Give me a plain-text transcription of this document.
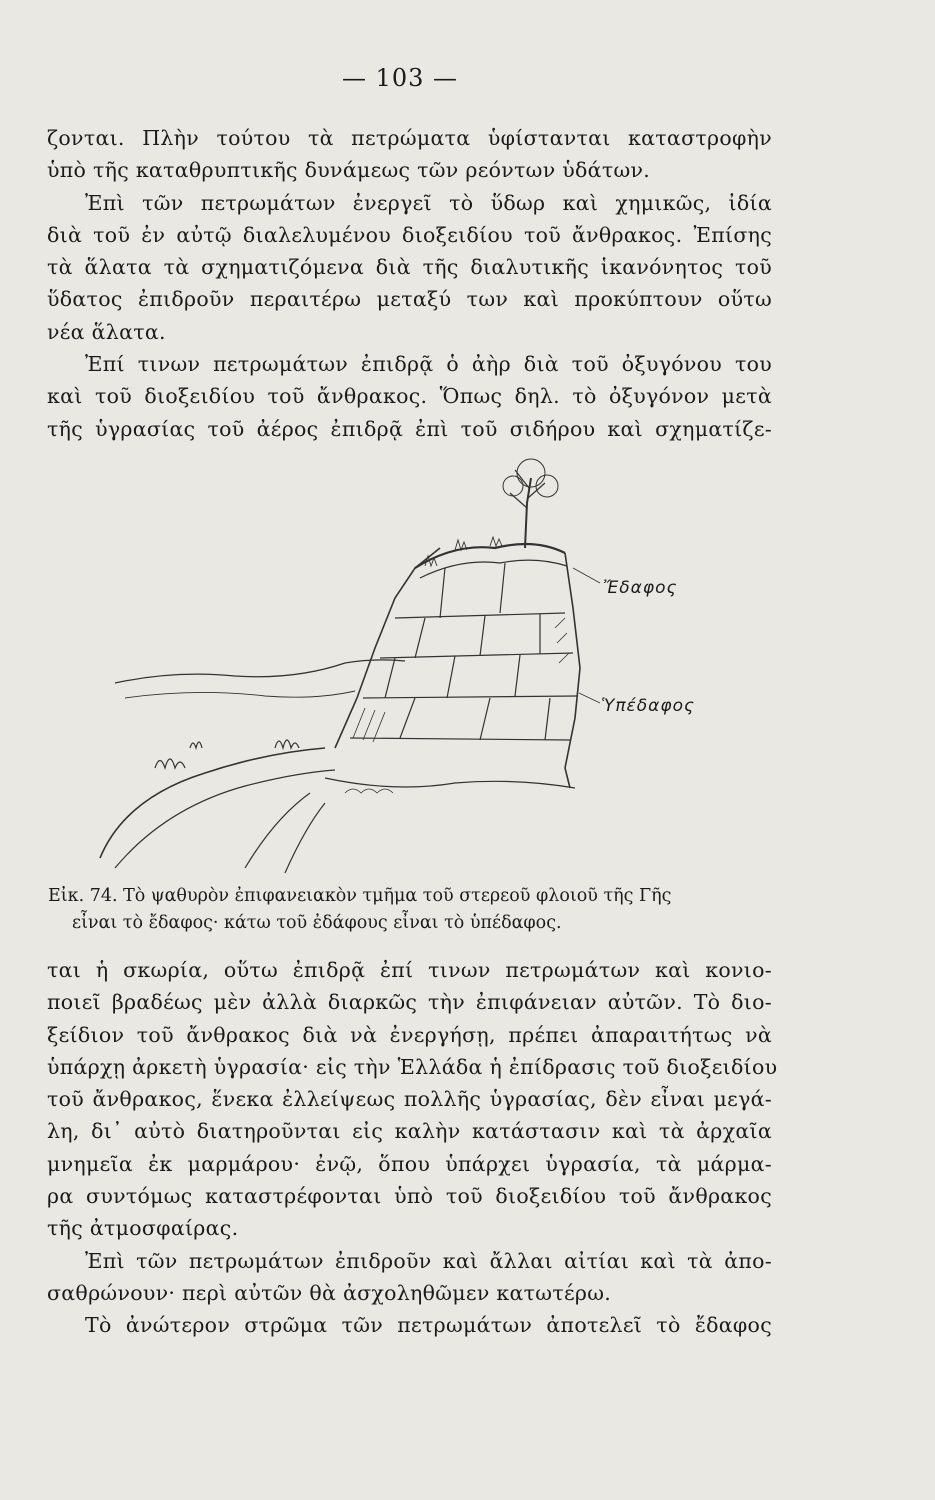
— 103 —
ζονται. Πλὴν τούτου τὰ πετρώματα ὑφίστανται καταστροφὴν
ὑπὸ τῆς καταθρυπτικῆς δυνάμεως τῶν ρεόντων ὑδάτων.
Ἐπὶ τῶν πετρωμάτων ἐνεργεῖ τὸ ὕδωρ καὶ χημικῶς, ἰδία
διὰ τοῦ ἐν αὐτῷ διαλελυμένου διοξειδίου τοῦ ἄνθρακος. Ἐπίσης
τὰ ἅλατα τὰ σχηματιζόμενα διὰ τῆς διαλυτικῆς ἱκανόνητος τοῦ
ὕδατος ἐπιδροῦν περαιτέρω μεταξύ των καὶ προκύπτουν οὕτω
νέα ἅλατα.
Ἐπί τινων πετρωμάτων ἐπιδρᾷ ὁ ἀὴρ διὰ τοῦ ὀξυγόνου του
καὶ τοῦ διοξειδίου τοῦ ἄνθρακος. Ὅπως δηλ. τὸ ὀξυγόνον μετὰ
τῆς ὑγρασίας τοῦ ἀέρος ἐπιδρᾷ ἐπὶ τοῦ σιδήρου καὶ σχηματίζε-
Ἔδαφος
Ὑπέδαφος
Εἰκ. 74. Τὸ ψαθυρὸν ἐπιφανειακὸν τμῆμα τοῦ στερεοῦ φλοιοῦ τῆς Γῆς
εἶναι τὸ ἔδαφος· κάτω τοῦ ἐδάφους εἶναι τὸ ὑπέδαφος.
ται ἡ σκωρία, οὕτω ἐπιδρᾷ ἐπί τινων πετρωμάτων καὶ κονιο-
ποιεῖ βραδέως μὲν ἀλλὰ διαρκῶς τὴν ἐπιφάνειαν αὐτῶν. Τὸ διο-
ξείδιον τοῦ ἄνθρακος διὰ νὰ ἐνεργήσῃ, πρέπει ἀπαραιτήτως νὰ
ὑπάρχῃ ἀρκετὴ ὑγρασία· εἰς τὴν Ἑλλάδα ἡ ἐπίδρασις τοῦ διοξειδίου
τοῦ ἄνθρακος, ἕνεκα ἐλλείψεως πολλῆς ὑγρασίας, δὲν εἶναι μεγά-
λη, δι᾽ αὐτὸ διατηροῦνται εἰς καλὴν κατάστασιν καὶ τὰ ἀρχαῖα
μνημεῖα ἐκ μαρμάρου· ἐνῷ, ὅπου ὑπάρχει ὑγρασία, τὰ μάρμα-
ρα συντόμως καταστρέφονται ὑπὸ τοῦ διοξειδίου τοῦ ἄνθρακος
τῆς ἀτμοσφαίρας.
Ἐπὶ τῶν πετρωμάτων ἐπιδροῦν καὶ ἄλλαι αἰτίαι καὶ τὰ ἀπο-
σαθρώνουν· περὶ αὐτῶν θὰ ἀσχοληθῶμεν κατωτέρω.
Τὸ ἀνώτερον στρῶμα τῶν πετρωμάτων ἀποτελεῖ τὸ ἔδαφος
